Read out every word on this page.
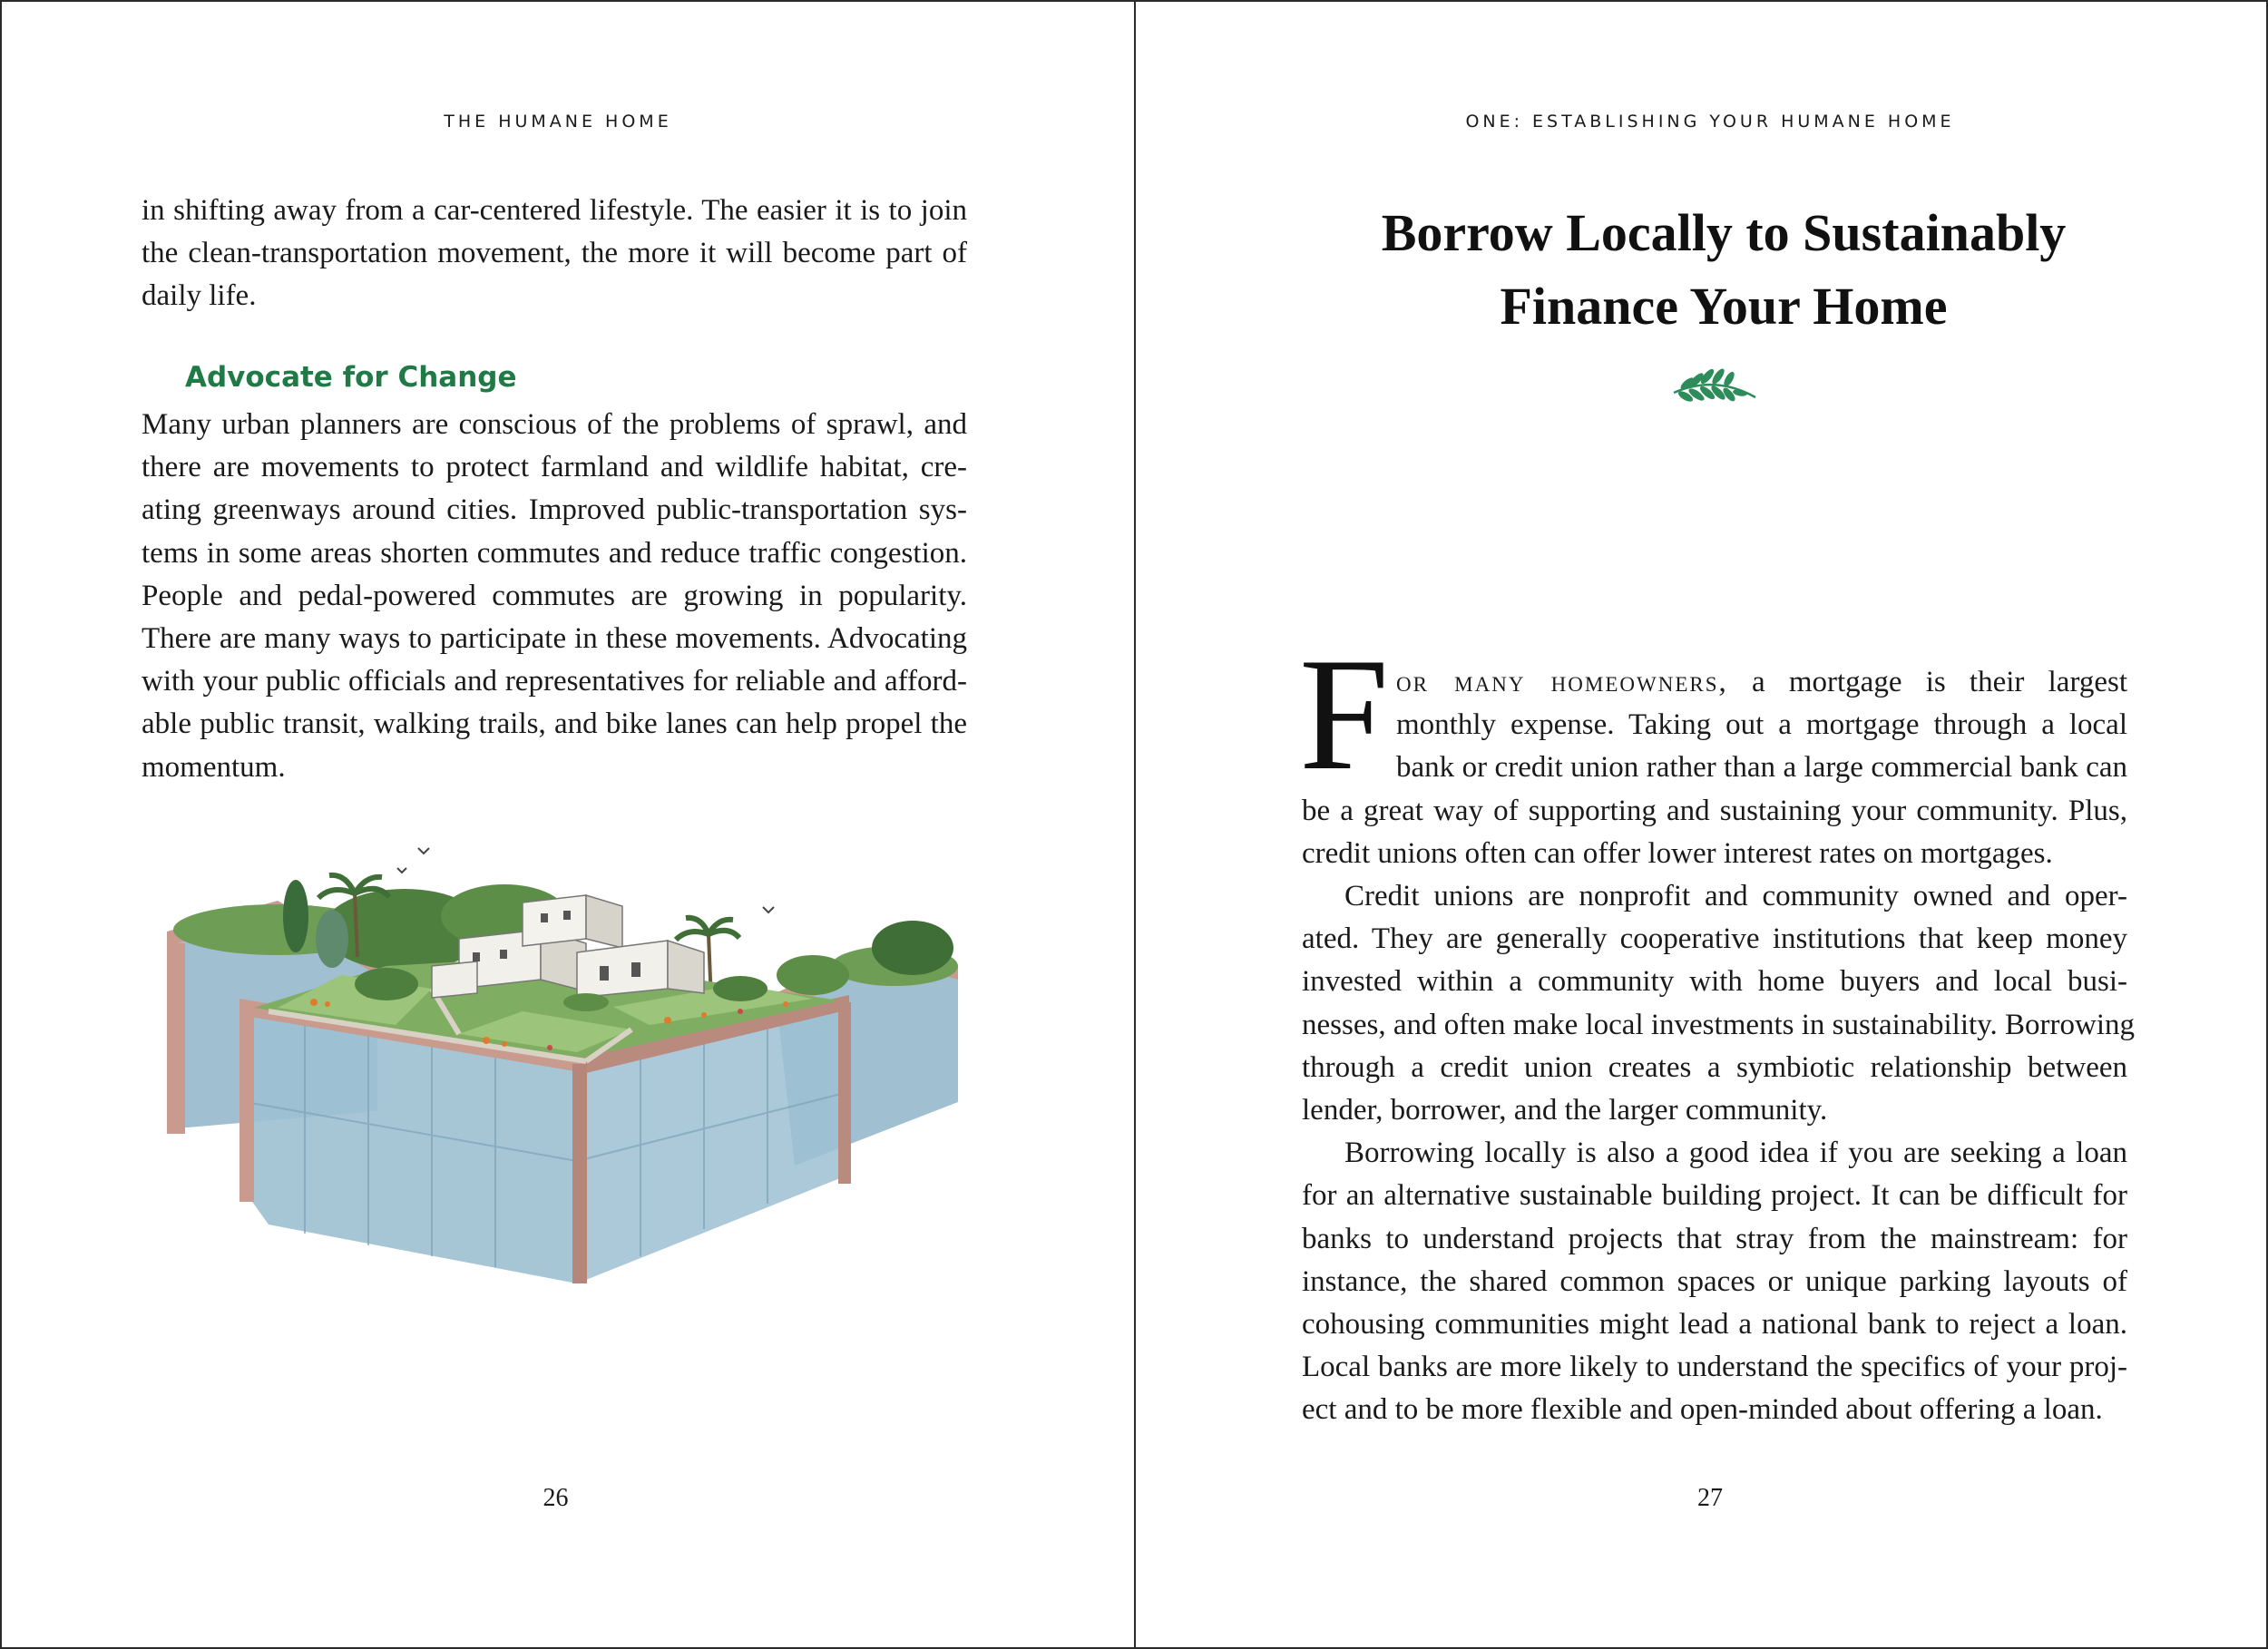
THE HUMANE HOME
in shifting away from a car-centered lifestyle. The easier it is to join
the clean-transportation movement, the more it will become part of
daily life.
Advocate for Change
Many urban planners are conscious of the problems of sprawl, and
there are movements to protect farmland and wildlife habitat, cre-
ating greenways around cities. Improved public-transportation sys-
tems in some areas shorten commutes and reduce traffic congestion.
People and pedal-powered commutes are growing in popularity.
There are many ways to participate in these movements. Advocating
with your public officials and representatives for reliable and afford-
able public transit, walking trails, and bike lanes can help propel the
momentum.
26
ONE: ESTABLISHING YOUR HUMANE HOME
Borrow Locally to Sustainably
Finance Your Home
F or many homeowners, a mortgage is their largest
monthly expense. Taking out a mortgage through a local
bank or credit union rather than a large commercial bank can
be a great way of supporting and sustaining your community. Plus,
credit unions often can offer lower interest rates on mortgages.
Credit unions are nonprofit and community owned and oper-
ated. They are generally cooperative institutions that keep money
invested within a community with home buyers and local busi-
nesses, and often make local investments in sustainability. Borrowing
through a credit union creates a symbiotic relationship between
lender, borrower, and the larger community.
Borrowing locally is also a good idea if you are seeking a loan
for an alternative sustainable building project. It can be difficult for
banks to understand projects that stray from the mainstream: for
instance, the shared common spaces or unique parking layouts of
cohousing communities might lead a national bank to reject a loan.
Local banks are more likely to understand the specifics of your proj-
ect and to be more flexible and open-minded about offering a loan.
27
